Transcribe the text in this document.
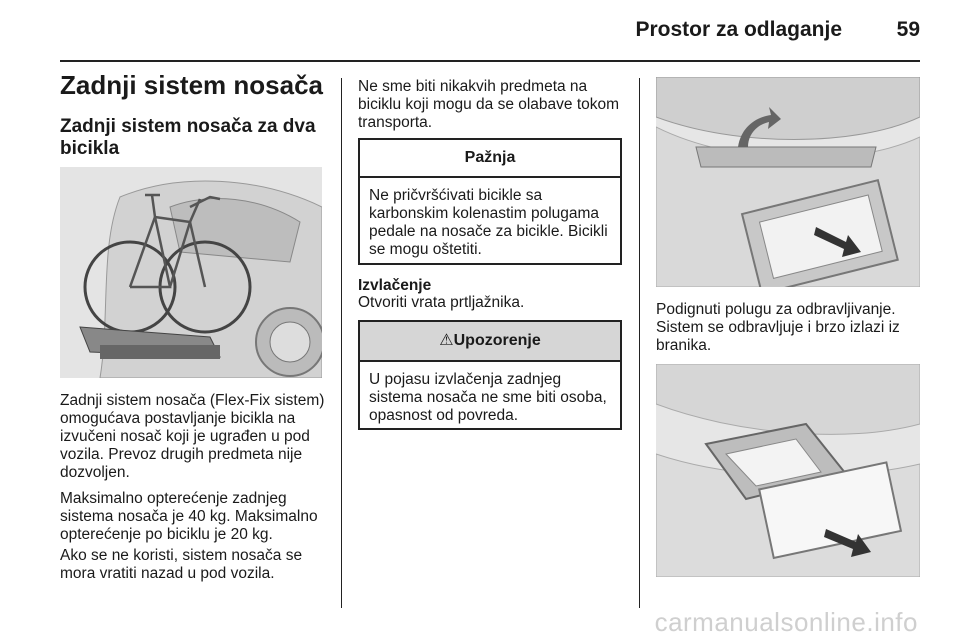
Prostor za odlaganje	59
Zadnji sistem nosača
Zadnji sistem nosača za dva bicikla

Zadnji sistem nosača (Flex-Fix sistem) omogućava postavljanje bicikla na izvučeni nosač koji je ugrađen u pod vozila. Prevoz drugih predmeta nije dozvoljen.

Maksimalno opterećenje zadnjeg sistema nosača je 40 kg. Maksimalno opterećenje po biciklu je 20 kg.

Ako se ne koristi, sistem nosača se mora vratiti nazad u pod vozila.

Ne sme biti nikakvih predmeta na biciklu koji mogu da se olabave tokom transporta.

Pažnja
Ne pričvršćivati bicikle sa karbonskim kolenastim polugama pedale na nosače za bicikle. Bicikli se mogu oštetiti.
Izvlačenje

Otvoriti vrata prtljažnika.

⚠Upozorenje
U pojasu izvlačenja zadnjeg sistema nosača ne sme biti osoba, opasnost od povreda.

Podignuti polugu za odbravljivanje. Sistem se odbravljuje i brzo izlazi iz branika.

carmanualsonline.info
